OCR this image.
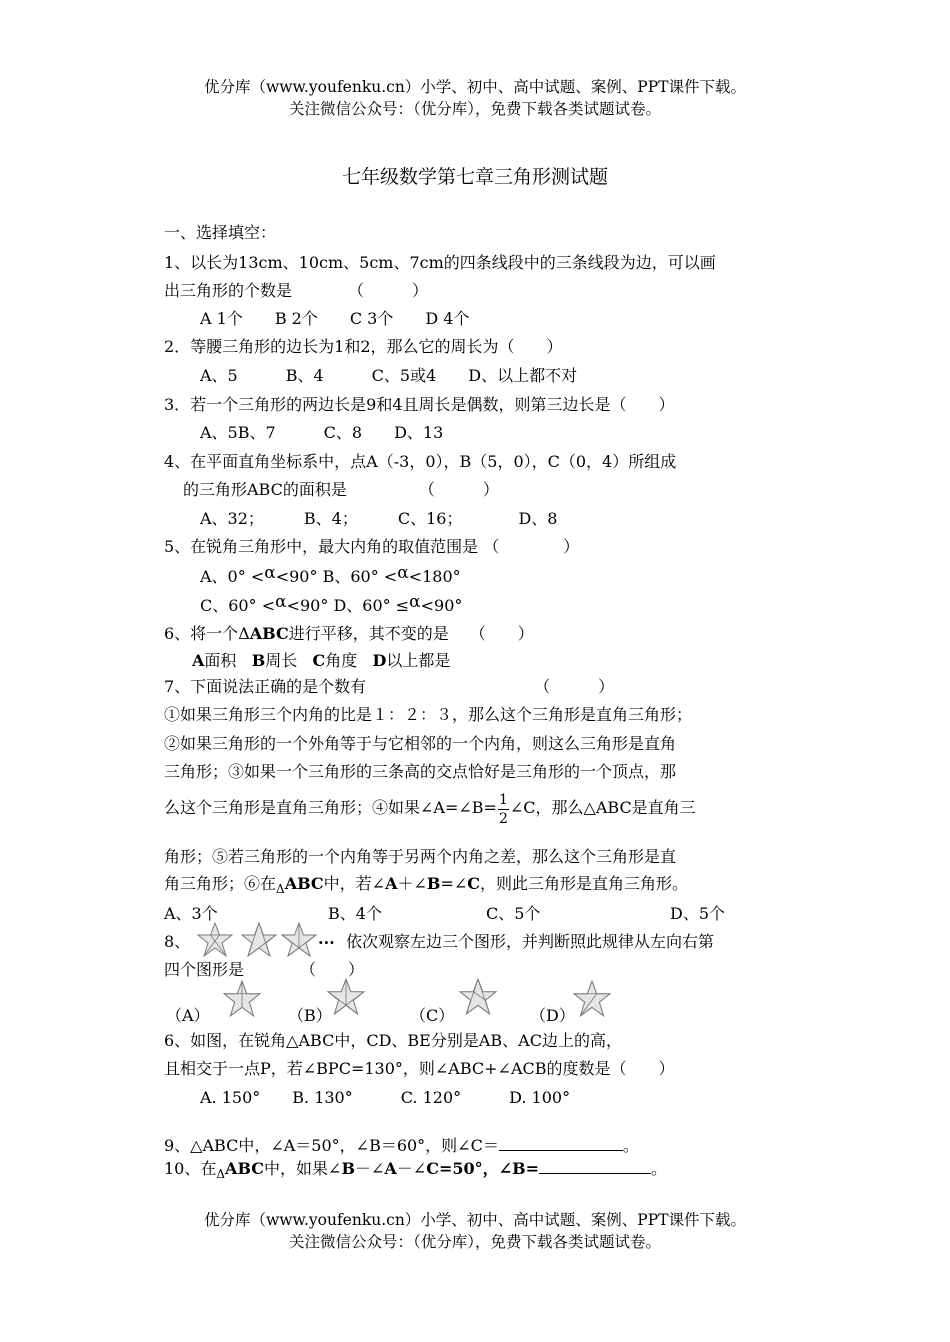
优分库（www.youfenku.cn）小学、初中、高中试题、案例、PPT课件下载。
关注微信公众号：（优分库），免费下载各类试题试卷。
七年级数学第七章三角形测试题
一、选择填空：
1、以长为13cm、10cm、5cm、7cm的四条线段中的三条线段为边，可以画
出三角形的个数是　　　　（　　　）
A 1个　　B 2个　　C 3个　　D 4个
2．等腰三角形的边长为1和2，那么它的周长为（　　）
A、5　　　B、4　　　C、5或4　　D、以上都不对
3．若一个三角形的两边长是9和4且周长是偶数，则第三边长是（　　）
A、5B、7　　　C、8　　D、13
4、在平面直角坐标系中，点A（-3，0），B（5，0），C（0，4）所组成
的三角形ABC的面积是　　　　　（　　　）
A、32；　　　B、4；　　　C、16；　　　　D、8
5、在锐角三角形中，最大内角的取值范围是 （　　　　）
A、0° <α<90° B、60° <α<180°
C、60° <α<90° D、60° ≤α<90°
6、将一个ΔABC进行平移，其不变的是　 （　　）
A面积 B周长 C角度 D以上都是
7、下面说法正确的是个数有　　　　　　　　　　　（　　　）
①如果三角形三个内角的比是１：２：３，那么这个三角形是直角三角形；
②如果三角形的一个外角等于与它相邻的一个内角，则这么三角形是直角
三角形；③如果一个三角形的三条高的交点恰好是三角形的一个顶点，那
么这个三角形是直角三角形；④如果∠A=∠B= $\frac{1}{2}$ ∠C，那么△ABC是直角三
角形；⑤若三角形的一个内角等于另两个内角之差，那么这个三角形是直
角三角形；⑥在$_\Delta$ABC中，若∠A＋∠B=∠C，则此三角形是直角三角形。
A、3个	B、4个	C、5个	D、5个
8、	... 依次观察左边三个图形，并判断照此规律从左向右第
四个图形是　　　　（　　）
（A）	（B）	（C）	（D）
6、如图，在锐角△ABC中，CD、BE分别是AB、AC边上的高，
且相交于一点P，若∠BPC=130°，则∠ABC+∠ACB的度数是（　　）
A. 150°　　B. 130°　　　C. 120°　　　D. 100°
9、△ABC中，∠A＝50°，∠B＝60°，则∠C＝	。
10、在$_\Delta$ABC中，如果∠B－∠A－∠C=50°，∠B=	。
优分库（www.youfenku.cn）小学、初中、高中试题、案例、PPT课件下载。
关注微信公众号：（优分库），免费下载各类试题试卷。
